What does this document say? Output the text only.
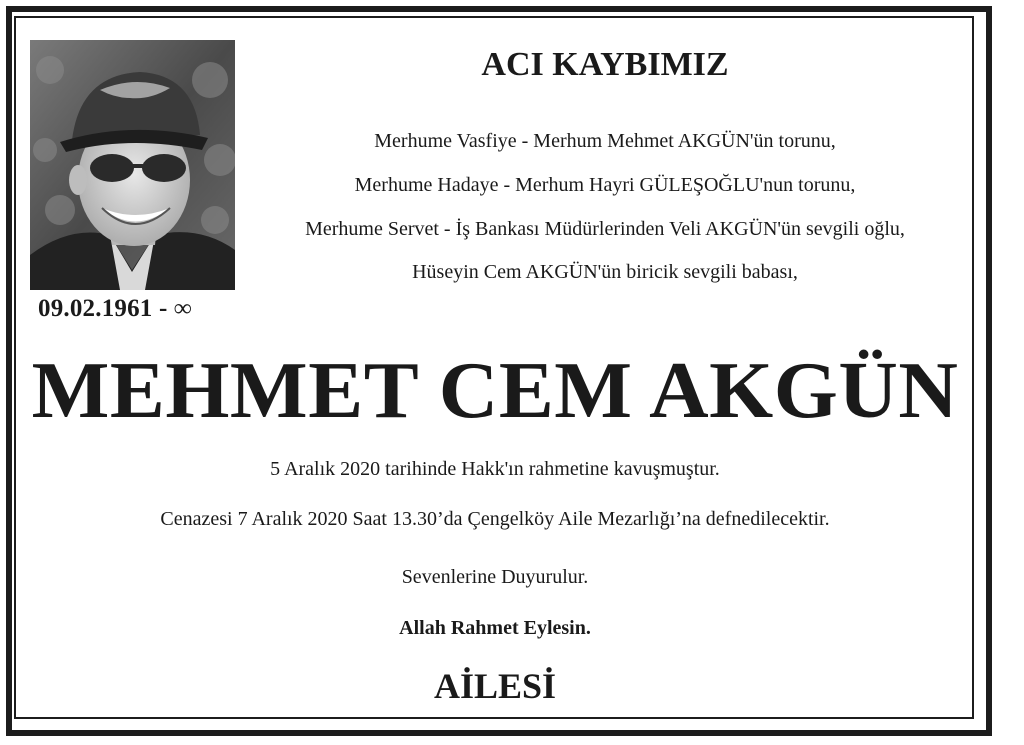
09.02.1961 - ∞
ACI KAYBIMIZ
Merhume Vasfiye - Merhum Mehmet AKGÜN'ün torunu,
Merhume Hadaye - Merhum Hayri GÜLEŞOĞLU'nun torunu,
Merhume Servet - İş Bankası Müdürlerinden Veli AKGÜN'ün sevgili oğlu,
Hüseyin Cem AKGÜN'ün biricik sevgili babası,
MEHMET CEM AKGÜN
5 Aralık 2020 tarihinde Hakk'ın rahmetine kavuşmuştur.
Cenazesi 7 Aralık 2020 Saat 13.30’da Çengelköy Aile Mezarlığı’na defnedilecektir.
Sevenlerine Duyurulur.
Allah Rahmet Eylesin.
AİLESİ
